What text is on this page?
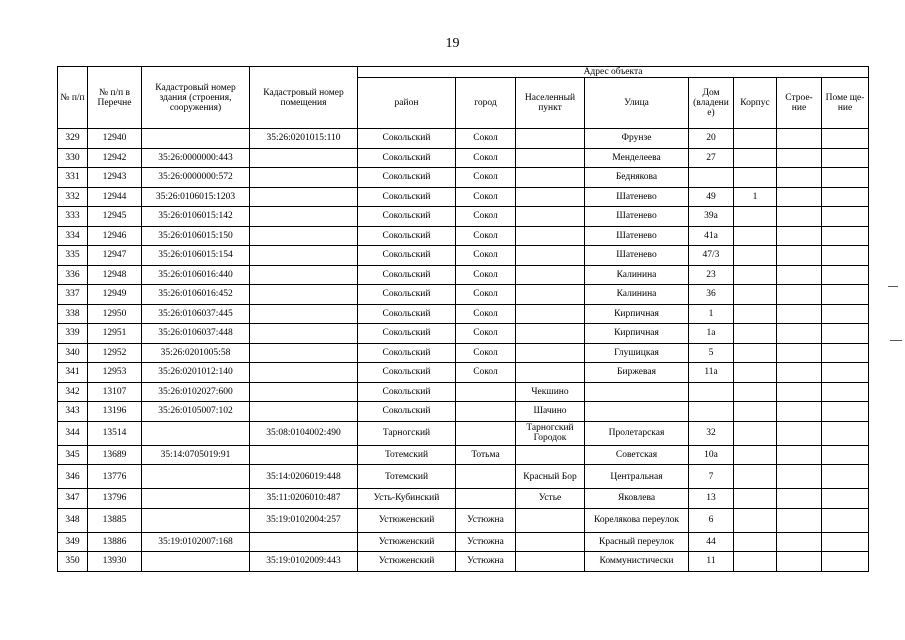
19
№ п/п	№ п/п в Перечне	Кадастровый номер здания (строения, сооружения)	Кадастровый номер помещения	Адрес объекта							
				район	город	Населенный пункт	Улица	Дом (владени е)	Корпус	Строе- ние	Поме ще- ние
329	12940		35:26:0201015:110	Сокольский	Сокол		Фрунзе	20			
330	12942	35:26:0000000:443		Сокольский	Сокол		Менделеева	27			
331	12943	35:26:0000000:572		Сокольский	Сокол		Беднякова				
332	12944	35:26:0106015:1203		Сокольский	Сокол		Шатенево	49	1		
333	12945	35:26:0106015:142		Сокольский	Сокол		Шатенево	39а			
334	12946	35:26:0106015:150		Сокольский	Сокол		Шатенево	41а			
335	12947	35:26:0106015:154		Сокольский	Сокол		Шатенево	47/3			
336	12948	35:26:0106016:440		Сокольский	Сокол		Калинина	23			
337	12949	35:26:0106016:452		Сокольский	Сокол		Калинина	36			
338	12950	35:26:0106037:445		Сокольский	Сокол		Кирпичная	1			
339	12951	35:26:0106037:448		Сокольский	Сокол		Кирпичная	1а			
340	12952	35:26:0201005:58		Сокольский	Сокол		Глушицкая	5			
341	12953	35:26:0201012:140		Сокольский	Сокол		Биржевая	11а			
342	13107	35:26:0102027:600		Сокольский		Чекшино					
343	13196	35:26:0105007:102		Сокольский		Шачино					
344	13514		35:08:0104002:490	Тарногский		Тарногский Городок	Пролетарская	32			
345	13689	35:14:0705019:91		Тотемский	Тотьма		Советская	10а			
346	13776		35:14:0206019:448	Тотемский		Красный Бор	Центральная	7			
347	13796		35:11:0206010:487	Усть-Кубинский		Устье	Яковлева	13			
348	13885		35:19:0102004:257	Устюженский	Устюжна		Корелякова переулок	6			
349	13886	35:19:0102007:168		Устюженский	Устюжна		Красный переулок	44			
350	13930		35:19:0102009:443	Устюженский	Устюжна		Коммунистически	11			
